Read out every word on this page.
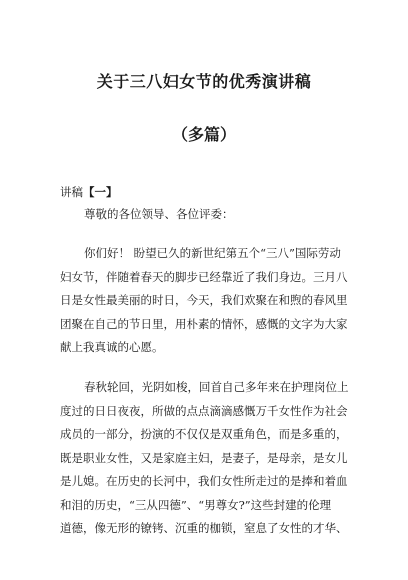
关于三八妇女节的优秀演讲稿
（多篇）
讲稿【一】
尊敬的各位领导、各位评委：
你们好！ 盼望已久的新世纪第五个“三八”国际劳动
妇女节，伴随着春天的脚步已经靠近了我们身边。三月八
日是女性最美丽的时日，今天，我们欢聚在和煦的春风里
团聚在自己的节日里，用朴素的情怀，感慨的文字为大家
献上我真诚的心愿。
春秋轮回，光阴如梭，回首自己多年来在护理岗位上
度过的日日夜夜，所做的点点滴滴感慨万千女性作为社会
成员的一部分，扮演的不仅仅是双重角色，而是多重的，
既是职业女性，又是家庭主妇，是妻子，是母亲，是女儿
是儿媳。在历史的长河中，我们女性所走过的是捧和着血
和泪的历史，“三从四德”、“男尊女?”这些封建的伦理
道德，像无形的镣铐、沉重的枷锁，窒息了女性的才华、
